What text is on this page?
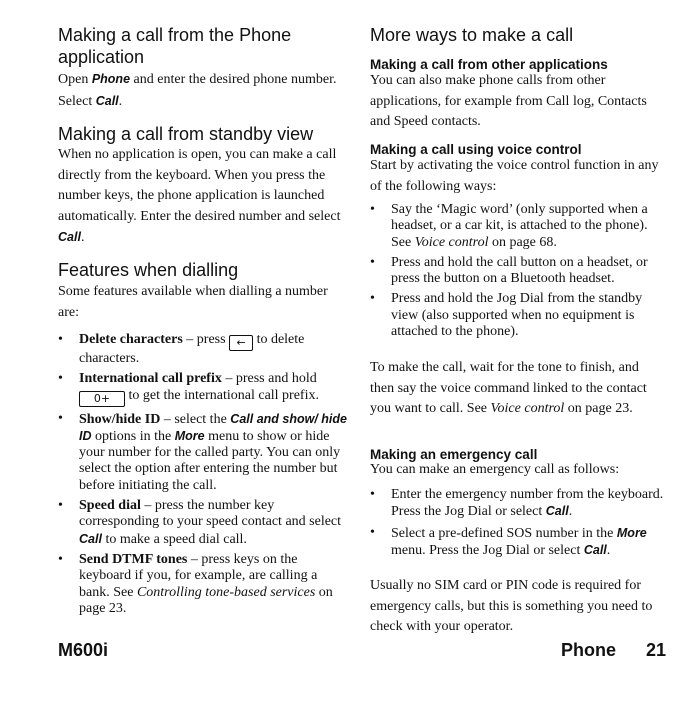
Making a call from the Phone application

Open Phone and enter the desired phone number. Select Call.

Making a call from standby view

When no application is open, you can make a call directly from the keyboard. When you press the number keys, the phone application is launched automatically. Enter the desired number and select Call.

Features when dialling

Some features available when dialling a number are:

• Delete characters – press ← to delete characters.
• International call prefix – press and hold 0+ to get the international call prefix.
• Show/hide ID – select the Call and show/ hide ID options in the More menu to show or hide your number for the called party. You can only select the option after entering the number but before initiating the call.
• Speed dial – press the number key corresponding to your speed contact and select Call to make a speed dial call.
• Send DTMF tones – press keys on the keyboard if you, for example, are calling a bank. See Controlling tone-based services on page 23.
More ways to make a call
Making a call from other applications

You can also make phone calls from other applications, for example from Call log, Contacts and Speed contacts.

Making a call using voice control

Start by activating the voice control function in any of the following ways:

• Say the ‘Magic word’ (only supported when a headset, or a car kit, is attached to the phone). See Voice control on page 68.
• Press and hold the call button on a headset, or press the button on a Bluetooth headset.
• Press and hold the Jog Dial from the standby view (also supported when no equipment is attached to the phone).

To make the call, wait for the tone to finish, and then say the voice command linked to the contact you want to call. See Voice control on page 23.

Making an emergency call

You can make an emergency call as follows:

• Enter the emergency number from the keyboard. Press the Jog Dial or select Call.
• Select a pre-defined SOS number in the More menu. Press the Jog Dial or select Call.

Usually no SIM card or PIN code is required for emergency calls, but this is something you need to check with your operator.

M600i	Phone 21
